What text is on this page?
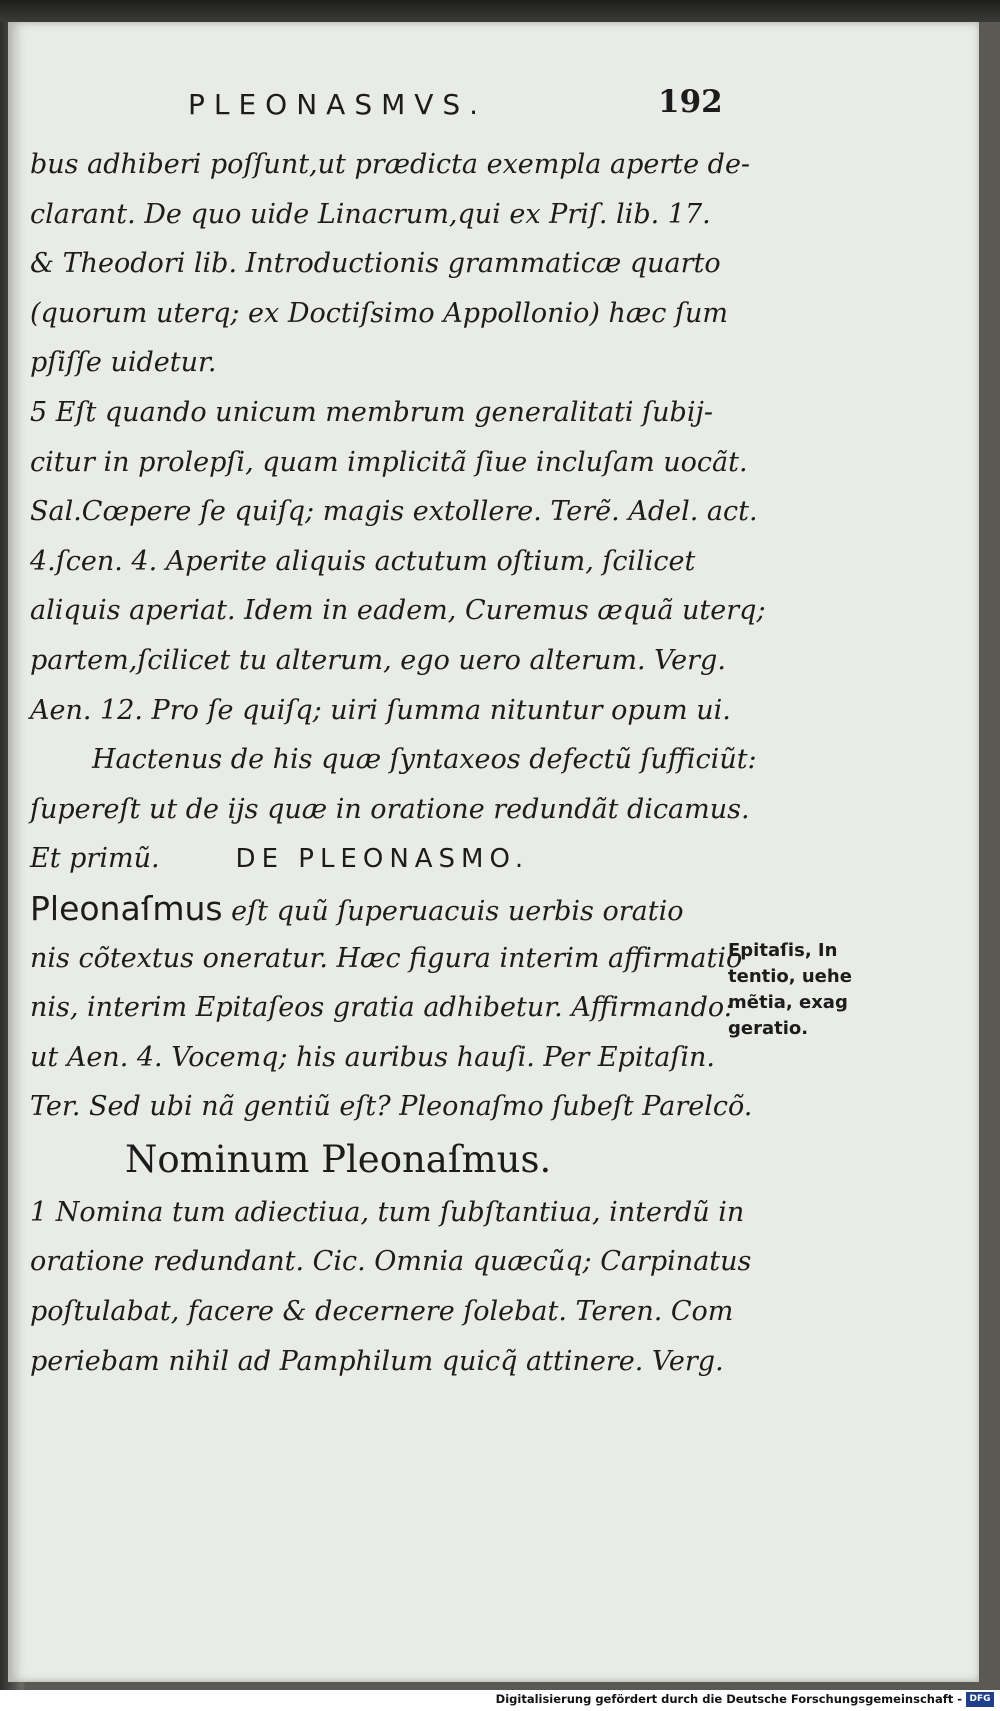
PLEONASMVS.	192
bus adhiberi poſſunt,ut prædicta exempla aperte de-
clarant. De quo uide Linacrum,qui ex Priſ. lib. 17.
& Theodori lib. Introductionis grammaticæ quarto
(quorum uterq; ex Doctiſsimo Appollonio) hæc ſum
pſiſſe uidetur.
5 Eſt quando unicum membrum generalitati ſubij-
citur in prolepſi, quam implicitã ſiue incluſam uocãt.
Sal.Cœpere ſe quiſq; magis extollere. Terẽ. Adel. act.
4.ſcen. 4. Aperite aliquis actutum oſtium, ſcilicet
aliquis aperiat. Idem in eadem, Curemus æquã uterq;
partem,ſcilicet tu alterum, ego uero alterum. Verg.
Aen. 12. Pro ſe quiſq; uiri ſumma nituntur opum ui.
Hactenus de his quæ ſyntaxeos defectũ ſufficiũt:
ſupereſt ut de ijs quæ in oratione redundãt dicamus.
Et primũ.	DE PLEONASMO.
Pleonaſmus eſt quũ ſuperuacuis uerbis oratio
nis cõtextus oneratur. Hæc figura interim affirmatio
nis, interim Epitaſeos gratia adhibetur. Affirmando:
ut Aen. 4. Vocemq; his auribus hauſi. Per Epitaſin.
Ter. Sed ubi nã gentiũ eſt? Pleonaſmo ſubeſt Parelcõ.
Nominum Pleonaſmus.
1 Nomina tum adiectiua, tum ſubſtantiua, interdũ in
oratione redundant. Cic. Omnia quæcũq; Carpinatus
poſtulabat, facere & decernere ſolebat. Teren. Com
periebam nihil ad Pamphilum quicq̃ attinere. Verg.
Epitaſis, In
tentio, uehe
mẽtia, exag
geratio.
Digitalisierung gefördert durch die Deutsche Forschungsgemeinschaft - DFG
